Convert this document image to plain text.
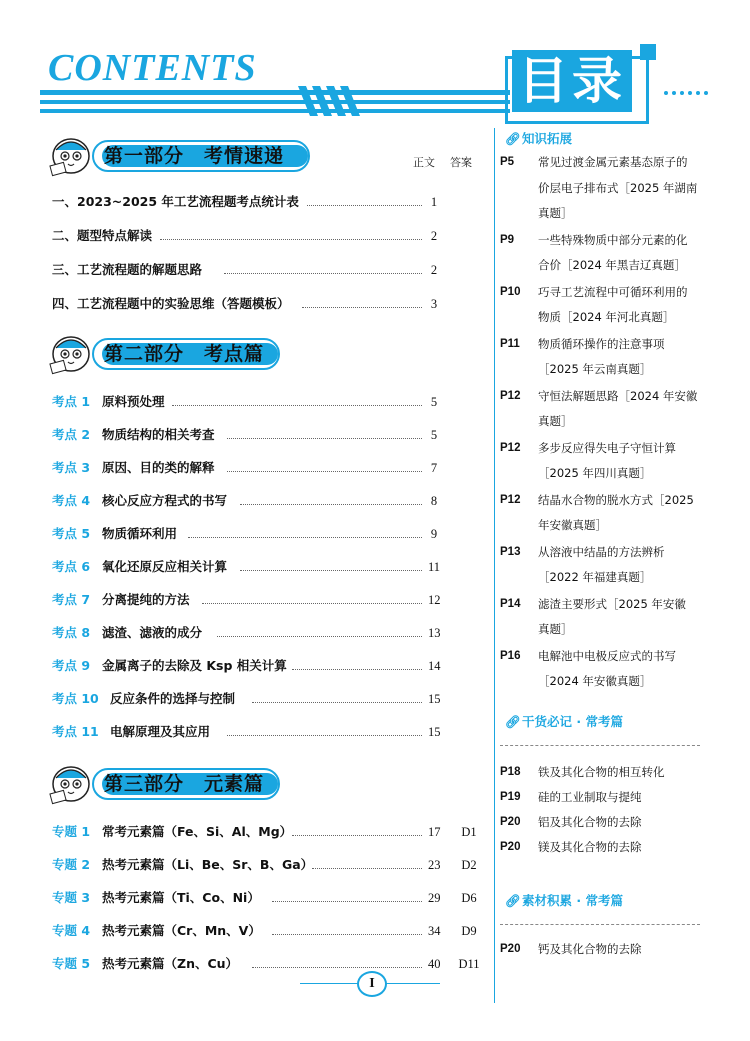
CONTENTS	目录
第一部分　考情速递	正文 答案
一、2023~2025 年工艺流程题考点统计表	1
二、题型特点解读	2
三、工艺流程题的解题思路	2
四、工艺流程题中的实验思维（答题模板）	3
第二部分　考点篇
考点 1 原料预处理	5
考点 2 物质结构的相关考查	5
考点 3 原因、目的类的解释	7
考点 4 核心反应方程式的书写	8
考点 5 物质循环利用	9
考点 6 氧化还原反应相关计算	11
考点 7 分离提纯的方法	12
考点 8 滤渣、滤液的成分	13
考点 9 金属离子的去除及 Ksp 相关计算	14
考点 10 反应条件的选择与控制	15
考点 11 电解原理及其应用	15
第三部分　元素篇
专题 1 常考元素篇（Fe、Si、Al、Mg）	17	D1
专题 2 热考元素篇（Li、Be、Sr、B、Ga）	23	D2
专题 3 热考元素篇（Ti、Co、Ni）	29	D6
专题 4 热考元素篇（Cr、Mn、V）	34	D9
专题 5 热考元素篇（Zn、Cu）	40	D11
🔗︎知识拓展
P5	常见过渡金属元素基态原子的
价层电子排布式［2025 年湖南
真题］
P9	一些特殊物质中部分元素的化
合价［2024 年黑吉辽真题］
P10	巧寻工艺流程中可循环利用的
物质［2024 年河北真题］
P11	物质循环操作的注意事项
［2025 年云南真题］
P12	守恒法解题思路［2024 年安徽
真题］
P12	多步反应得失电子守恒计算
［2025 年四川真题］
P12	结晶水合物的脱水方式［2025
年安徽真题］
P13	从溶液中结晶的方法辨析
［2022 年福建真题］
P14	滤渣主要形式［2025 年安徽
真题］
P16	电解池中电极反应式的书写
［2024 年安徽真题］
🔗︎干货必记 · 常考篇
P18	铁及其化合物的相互转化
P19	硅的工业制取与提纯
P20	铝及其化合物的去除
P20	镁及其化合物的去除
🔗︎素材积累 · 常考篇
P20	钙及其化合物的去除
I
